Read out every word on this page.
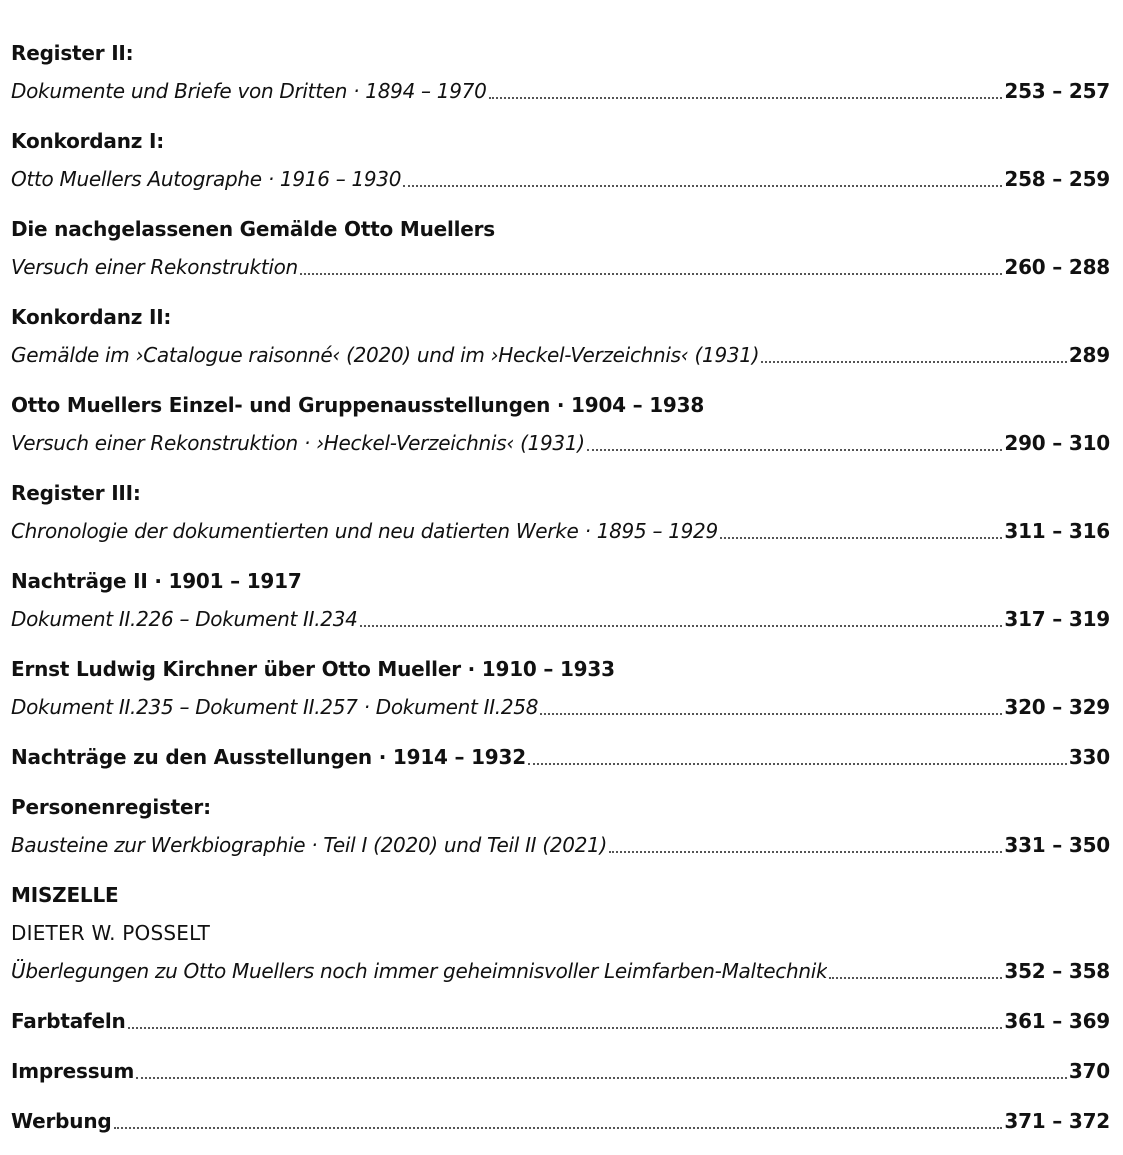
Register II:
Dokumente und Briefe von Dritten · 1894 – 1970	253 – 257
Konkordanz I:
Otto Muellers Autographe · 1916 – 1930	258 – 259
Die nachgelassenen Gemälde Otto Muellers
Versuch einer Rekonstruktion	260 – 288
Konkordanz II:
Gemälde im ›Catalogue raisonné‹ (2020) und im ›Heckel-Verzeichnis‹ (1931)	289
Otto Muellers Einzel- und Gruppenausstellungen · 1904 – 1938
Versuch einer Rekonstruktion · ›Heckel-Verzeichnis‹ (1931)	290 – 310
Register III:
Chronologie der dokumentierten und neu datierten Werke · 1895 – 1929	311 – 316
Nachträge II · 1901 – 1917
Dokument II.226 – Dokument II.234	317 – 319
Ernst Ludwig Kirchner über Otto Mueller · 1910 – 1933
Dokument II.235 – Dokument II.257 · Dokument II.258	320 – 329
Nachträge zu den Ausstellungen · 1914 – 1932	330
Personenregister:
Bausteine zur Werkbiographie · Teil I (2020) und Teil II (2021)	331 – 350
MISZELLE
DIETER W. POSSELT
Überlegungen zu Otto Muellers noch immer geheimnisvoller Leimfarben-Maltechnik	352 – 358
Farbtafeln	361 – 369
Impressum	370
Werbung	371 – 372
